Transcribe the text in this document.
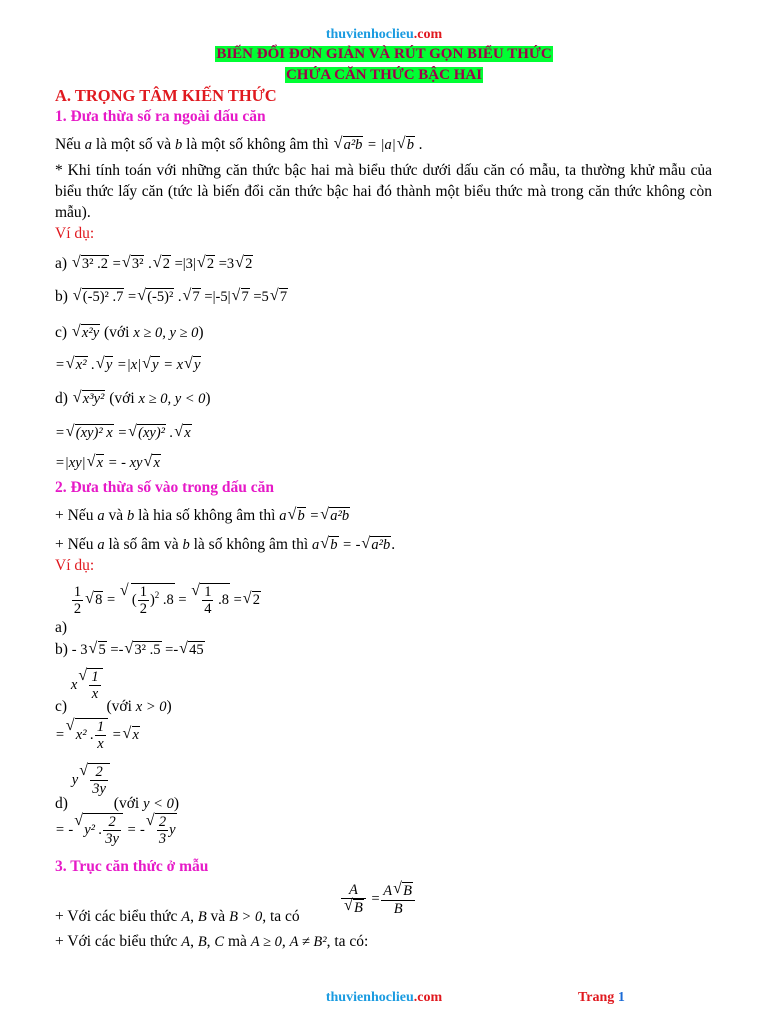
thuvienhoclieu.com
BIẾN ĐỔI ĐƠN GIẢN VÀ RÚT GỌN BIỂU THỨC
CHỨA CĂN THỨC BẬC HAI
A. TRỌNG TÂM KIẾN THỨC
1. Đưa thừa số ra ngoài dấu căn
Nếu a là một số và b là một số không âm thì √ a²b = |a| √ b .
* Khi tính toán với những căn thức bậc hai mà biểu thức dưới dấu căn có mẫu, ta thường khử mẫu của biểu thức lấy căn (tức là biến đổi căn thức bậc hai đó thành một biểu thức mà trong căn thức không còn mẫu).
Ví dụ:
a) √ 3² .2 = √ 3² . √ 2 =|3| √ 2 =3 √ 2
b) √ (-5)² .7 = √ (-5)² . √ 7 =|-5| √ 7 =5 √ 7
c) √ x²y (với x ≥ 0, y ≥ 0)
= √ x² . √ y =|x| √ y = x √ y
d) √ x³y² (với x ≥ 0, y < 0)
= √ (xy)² x = √ (xy)² . √ x
=|xy| √ x = - xy √ x
2. Đưa thừa số vào trong dấu căn
+ Nếu a và b là hia số không âm thì a √ b = √ a²b
+ Nếu a là số âm và b là số không âm thì a √ b = - √ a²b.
Ví dụ:
a)
$\frac{1}{2}$ √ 8 = √ ( $\frac{1}{2} )^2$ .8 = √ $\frac{1}{4} .8$ = √ 2
b) - 3 √ 5 =- √ 3² .5 =- √ 45
c) x √ $\frac{1}{x}$
(với x > 0)
= √ x² . $\frac{1}{x}$ = √ x
d) y √ $\frac{2}{3y}$
(với y < 0)
= - √ y² . $\frac{2}{3y}$ = - √ $\frac{2}{3}$ y
3. Trục căn thức ở mẫu
A
√ $B = \frac{A √ B}{B}$
+ Với các biểu thức A, B và B > 0, ta có
+ Với các biểu thức A, B, C mà A ≥ 0, A ≠ B², ta có:
thuvienhoclieu.com	Trang 1
